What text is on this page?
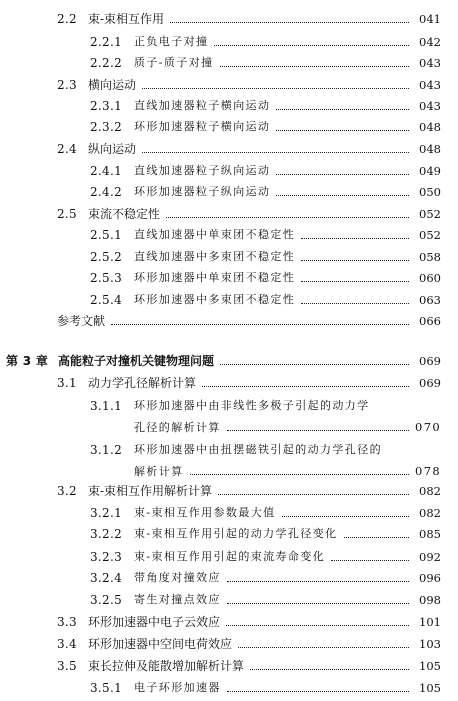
2.2 束-束相互作用	041
2.2.1	正负电子对撞	042
2.2.2	质子-质子对撞	043
2.3 横向运动	043
2.3.1	直线加速器粒子横向运动	043
2.3.2	环形加速器粒子横向运动	048
2.4 纵向运动	048
2.4.1	直线加速器粒子纵向运动	049
2.4.2	环形加速器粒子纵向运动	050
2.5 束流不稳定性	052
2.5.1	直线加速器中单束团不稳定性	052
2.5.2	直线加速器中多束团不稳定性	058
2.5.3	环形加速器中单束团不稳定性	060
2.5.4	环形加速器中多束团不稳定性	063
参考文献	066
第 3 章 高能粒子对撞机关键物理问题	069
3.1 动力学孔径解析计算	069
3.1.1	环形加速器中由非线性多极子引起的动力学
孔径的解析计算	070
3.1.2	环形加速器中由扭摆磁铁引起的动力学孔径的
解析计算	078
3.2 束-束相互作用解析计算	082
3.2.1	束-束相互作用参数最大值	082
3.2.2	束-束相互作用引起的动力学孔径变化	085
3.2.3	束-束相互作用引起的束流寿命变化	092
3.2.4	带角度对撞效应	096
3.2.5	寄生对撞点效应	098
3.3 环形加速器中电子云效应	101
3.4 环形加速器中空间电荷效应	103
3.5 束长拉伸及能散增加解析计算	105
3.5.1	电子环形加速器	105
